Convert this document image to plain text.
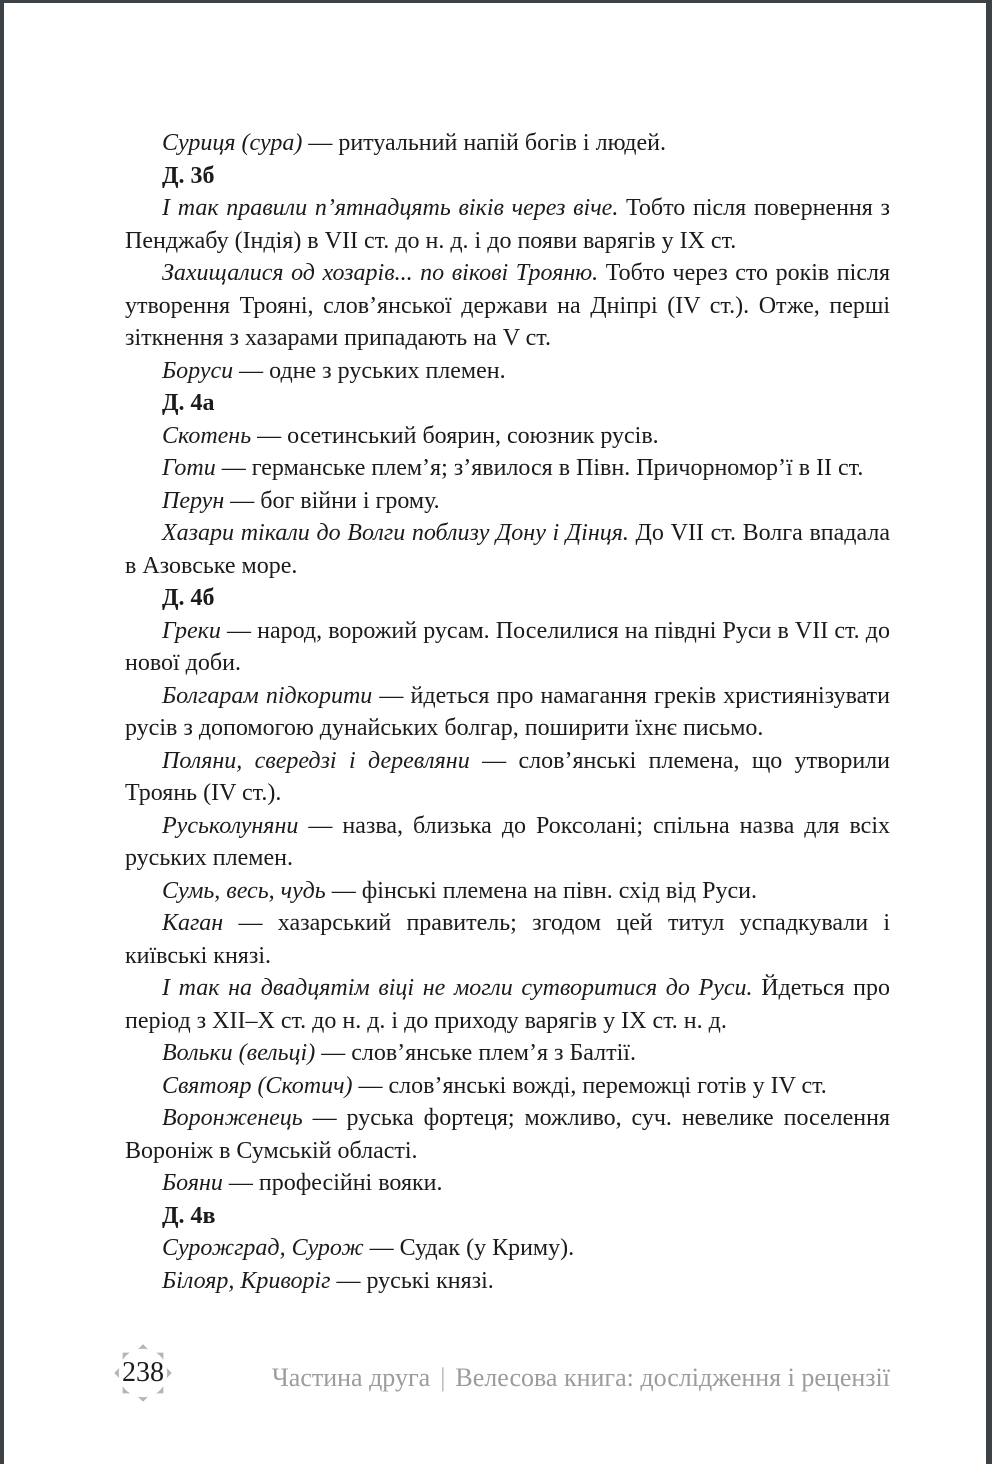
Суриця (сура) — ритуальний напій богів і людей.

Д. 3б

І так правили п’ятнадцять віків через віче. Тобто після повернення з Пенджабу (Індія) в VII ст. до н. д. і до появи варягів у IX ст.

Захищалися од хозарів... по вікові Трояню. Тобто через сто років після утворення Трояні, слов’янської держави на Дніпрі (IV ст.). Отже, перші зіткнення з хазарами припадають на V ст.

Боруси — одне з руських племен.

Д. 4а

Скотень — осетинський боярин, союзник русів.

Готи — германське плем’я; з’явилося в Півн. Причорномор’ї в II ст.

Перун — бог війни і грому.

Хазари тікали до Волги поблизу Дону і Дінця. До VII ст. Волга впадала в Азовське море.

Д. 4б

Греки — народ, ворожий русам. Поселилися на півдні Руси в VII ст. до нової доби.

Болгарам підкорити — йдеться про намагання греків християнізувати русів з допомогою дунайських болгар, поширити їхнє письмо.

Поляни, свередзі і деревляни — слов’янські племена, що утворили Троянь (IV ст.).

Руськолуняни — назва, близька до Роксолані; спільна назва для всіх руських племен.

Сумь, весь, чудь — фінські племена на півн. схід від Руси.

Каган — хазарський правитель; згодом цей титул успадкували і київські князі.

І так на двадцятім віці не могли сутворитися до Руси. Йдеться про період з XII–X ст. до н. д. і до приходу варягів у IX ст. н. д.

Вольки (вельці) — слов’янське плем’я з Балтії.

Святояр (Скотич) — слов’янські вожді, переможці готів у IV ст.

Воронженець — руська фортеця; можливо, суч. невелике поселення Вороніж в Сумській області.

Бояни — професійні вояки.

Д. 4в

Сурожград, Сурож — Судак (у Криму).

Білояр, Криворіг — руські князі.

238	Частина друга | Велесова книга: дослідження і рецензії
